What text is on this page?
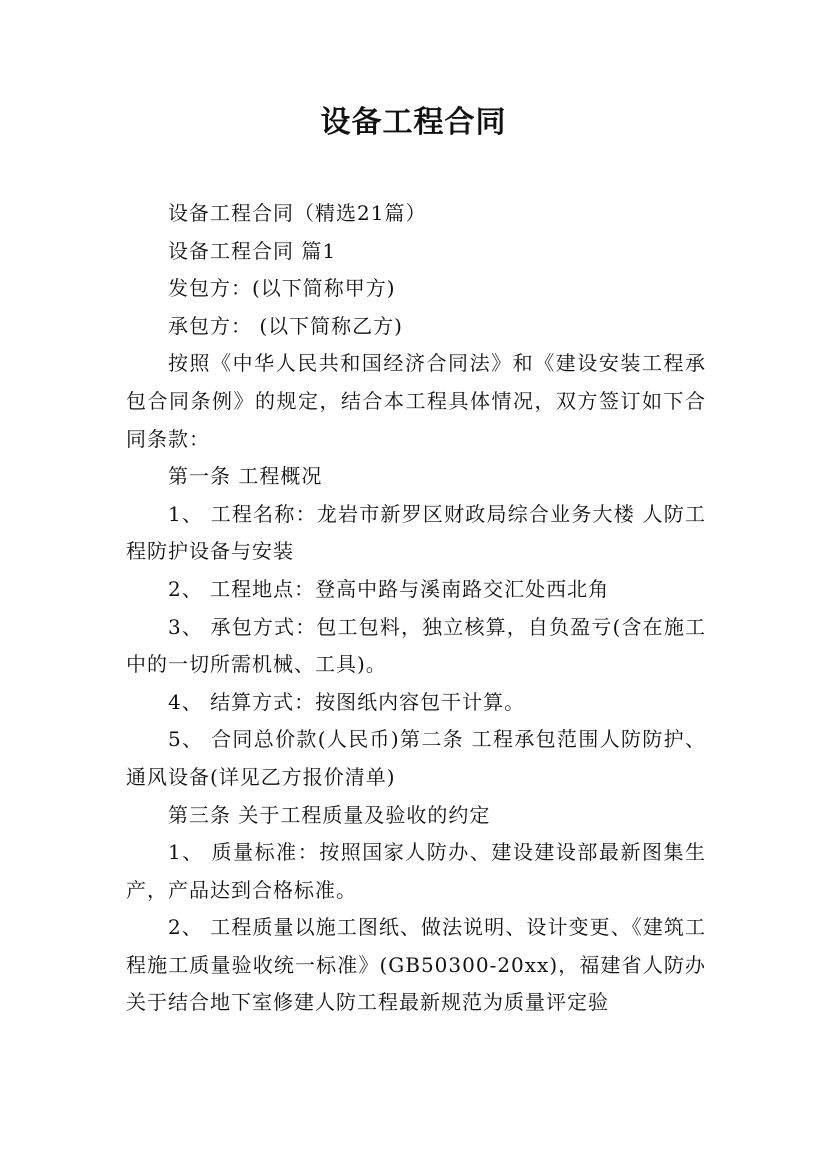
设备工程合同

设备工程合同（精选21篇）

设备工程合同 篇1

发包方：(以下简称甲方)

承包方： (以下简称乙方)

按照《中华人民共和国经济合同法》和《建设安装工程承包合同条例》的规定，结合本工程具体情况，双方签订如下合同条款：

第一条 工程概况

1、 工程名称：龙岩市新罗区财政局综合业务大楼 人防工程防护设备与安装

2、 工程地点：登高中路与溪南路交汇处西北角

3、 承包方式：包工包料，独立核算，自负盈亏(含在施工中的一切所需机械、工具)。

4、 结算方式：按图纸内容包干计算。

5、 合同总价款(人民币)第二条 工程承包范围人防防护、通风设备(详见乙方报价清单)

第三条 关于工程质量及验收的约定

1、 质量标准：按照国家人防办、建设建设部最新图集生产，产品达到合格标准。

2、 工程质量以施工图纸、做法说明、设计变更、《建筑工程施工质量验收统一标准》(GB50300-20xx)，福建省人防办关于结合地下室修建人防工程最新规范为质量评定验
